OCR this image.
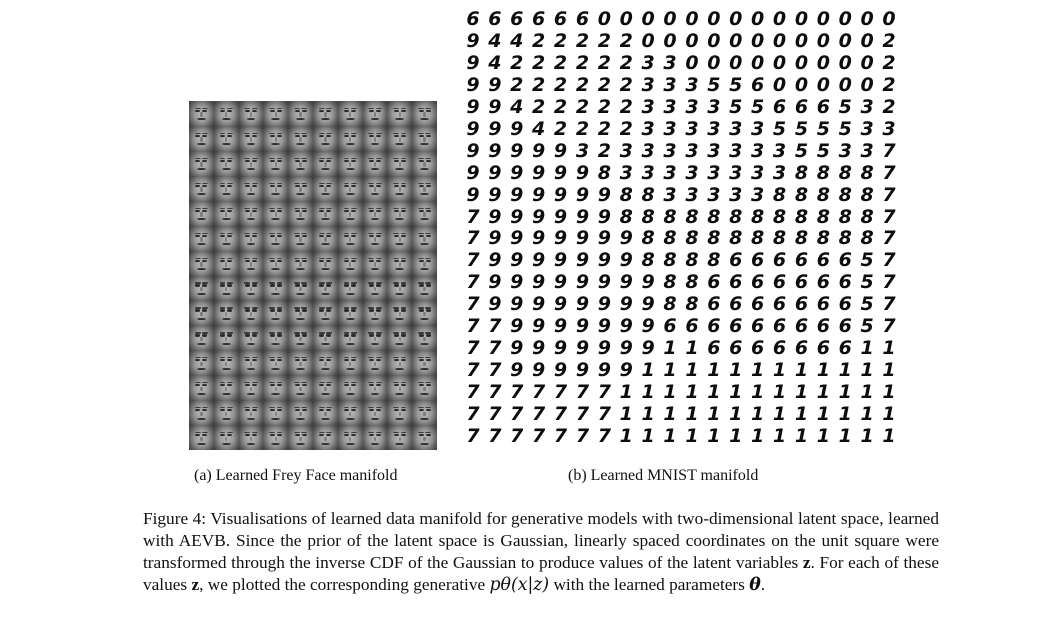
6 6 6 6 6 6 0 0 0 0 0 0 0 0 0 0 0 0 0 0
9 4 4 2 2 2 2 2 0 0 0 0 0 0 0 0 0 0 0 2
9 4 2 2 2 2 2 2 3 3 0 0 0 0 0 0 0 0 0 2
9 9 2 2 2 2 2 2 3 3 3 5 5 6 0 0 0 0 0 2
9 9 4 2 2 2 2 2 3 3 3 3 5 5 6 6 6 5 3 2
9 9 9 4 2 2 2 2 3 3 3 3 3 3 5 5 5 5 3 3
9 9 9 9 9 3 2 3 3 3 3 3 3 3 3 5 5 3 3 7
9 9 9 9 9 9 8 3 3 3 3 3 3 3 3 8 8 8 8 7
9 9 9 9 9 9 9 8 8 3 3 3 3 3 8 8 8 8 8 7
7 9 9 9 9 9 9 8 8 8 8 8 8 8 8 8 8 8 8 7
7 9 9 9 9 9 9 9 8 8 8 8 8 8 8 8 8 8 8 7
7 9 9 9 9 9 9 9 8 8 8 8 6 6 6 6 6 6 5 7
7 9 9 9 9 9 9 9 9 8 8 6 6 6 6 6 6 6 5 7
7 9 9 9 9 9 9 9 9 8 8 6 6 6 6 6 6 6 5 7
7 7 9 9 9 9 9 9 9 6 6 6 6 6 6 6 6 6 5 7
7 7 9 9 9 9 9 9 9 1 1 6 6 6 6 6 6 6 1 1
7 7 9 9 9 9 9 9 1 1 1 1 1 1 1 1 1 1 1 1
7 7 7 7 7 7 7 1 1 1 1 1 1 1 1 1 1 1 1 1
7 7 7 7 7 7 7 1 1 1 1 1 1 1 1 1 1 1 1 1
7 7 7 7 7 7 7 1 1 1 1 1 1 1 1 1 1 1 1 1
(a) Learned Frey Face manifold	(b) Learned MNIST manifold

Figure 4: Visualisations of learned data manifold for generative models with two-dimensional latent space, learned with AEVB. Since the prior of the latent space is Gaussian, linearly spaced coordinates on the unit square were transformed through the inverse CDF of the Gaussian to produce values of the latent variables z. For each of these values z, we plotted the corresponding generative pθ(x|z) with the learned parameters θ.
